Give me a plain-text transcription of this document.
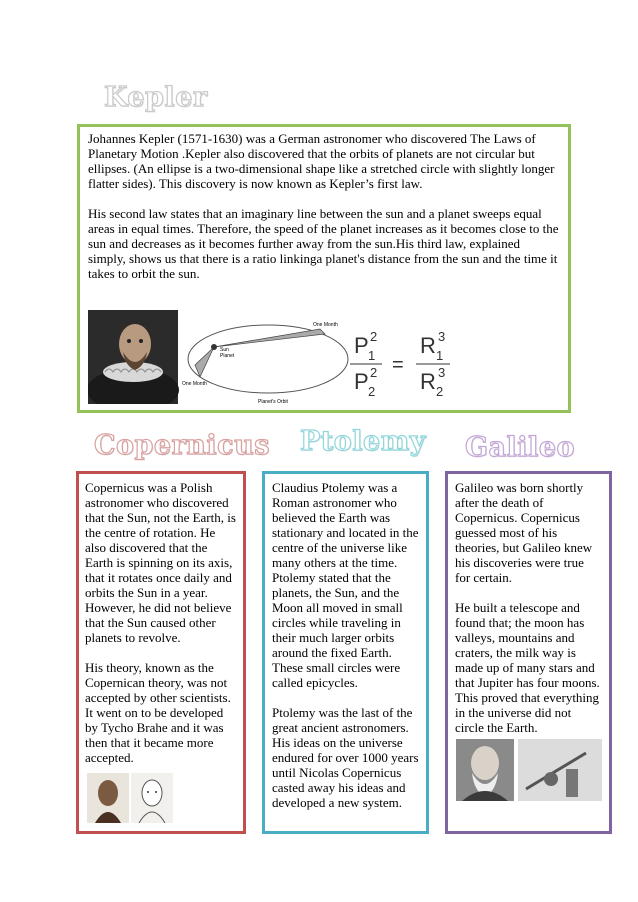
Kepler

Johannes Kepler (1571-1630) was a German astronomer who discovered The Laws of Planetary Motion .Kepler also discovered that the orbits of planets are not circular but ellipses. (An ellipse is a two-dimensional shape like a stretched circle with slightly longer flatter sides). This discovery is now known as Kepler’s first law.

His second law states that an imaginary line between the sun and a planet sweeps equal areas in equal times. Therefore, the speed of the planet increases as it becomes close to the sun and decreases as it becomes further away from the sun.His third law, explained simply, shows us that there is a ratio linkinga planet's distance from the sun and the time it takes to orbit the sun.

One Month
Sun
Planet
One Month
Planet's Orbit
P 1
2
P 2
2 =
R 1
3
R 2
3
Copernicus Ptolemy Galileo

Copernicus was a Polish astronomer who discovered that the Sun, not the Earth, is the centre of rotation. He also discovered that the Earth is spinning on its axis, that it rotates once daily and orbits the Sun in a year. However, he did not believe that the Sun caused other planets to revolve.

His theory, known as the Copernican theory, was not accepted by other scientists. It went on to be developed by Tycho Brahe and it was then that it became more accepted.

Claudius Ptolemy was a Roman astronomer who believed the Earth was stationary and located in the centre of the universe like many others at the time. Ptolemy stated that the planets, the Sun, and the Moon all moved in small circles while traveling in their much larger orbits around the fixed Earth. These small circles were called epicycles.

Ptolemy was the last of the great ancient astronomers. His ideas on the universe endured for over 1000 years until Nicolas Copernicus casted away his ideas and developed a new system.

Galileo was born shortly after the death of Copernicus. Copernicus guessed most of his theories, but Galileo knew his discoveries were true for certain.

He built a telescope and found that; the moon has valleys, mountains and craters, the milk way is made up of many stars and that Jupiter has four moons. This proved that everything in the universe did not circle the Earth.
